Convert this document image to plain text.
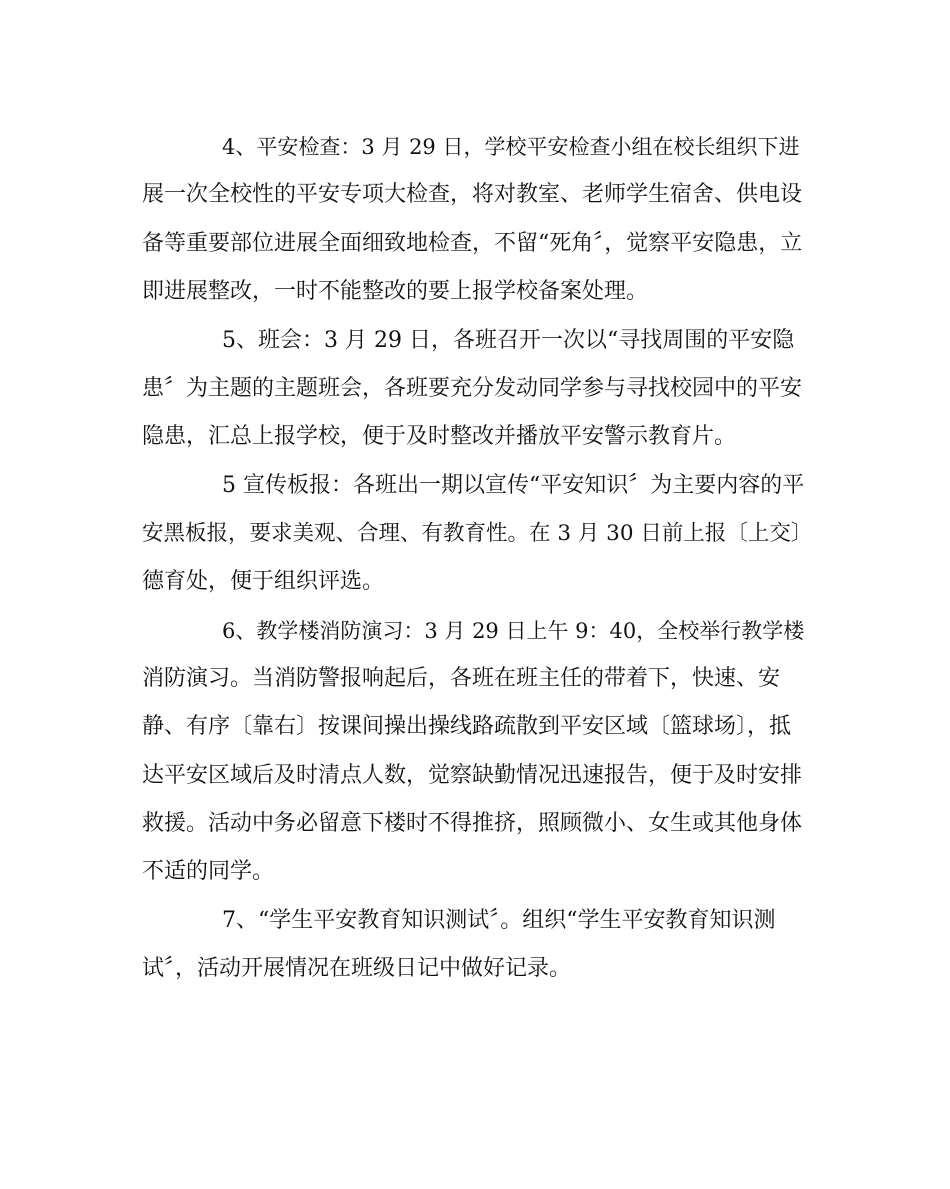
4、平安检查：3 月 29 日，学校平安检查小组在校长组织下进
展一次全校性的平安专项大检查，将对教室、老师学生宿舍、供电设
备等重要部位进展全面细致地检查，不留“死角〞，觉察平安隐患，立
即进展整改，一时不能整改的要上报学校备案处理。
5、班会：3 月 29 日，各班召开一次以“寻找周围的平安隐
患〞为主题的主题班会，各班要充分发动同学参与寻找校园中的平安
隐患，汇总上报学校，便于及时整改并播放平安警示教育片。
5 宣传板报：各班出一期以宣传“平安知识〞为主要内容的平
安黑板报，要求美观、合理、有教育性。在 3 月 30 日前上报〔上交〕
德育处，便于组织评选。
6、教学楼消防演习：3 月 29 日上午 9：40，全校举行教学楼
消防演习。当消防警报响起后，各班在班主任的带着下，快速、安
静、有序〔靠右〕按课间操出操线路疏散到平安区域〔篮球场〕，抵
达平安区域后及时清点人数，觉察缺勤情况迅速报告，便于及时安排
救援。活动中务必留意下楼时不得推挤，照顾微小、女生或其他身体
不适的同学。
7、“学生平安教育知识测试〞。组织“学生平安教育知识测
试〞，活动开展情况在班级日记中做好记录。
